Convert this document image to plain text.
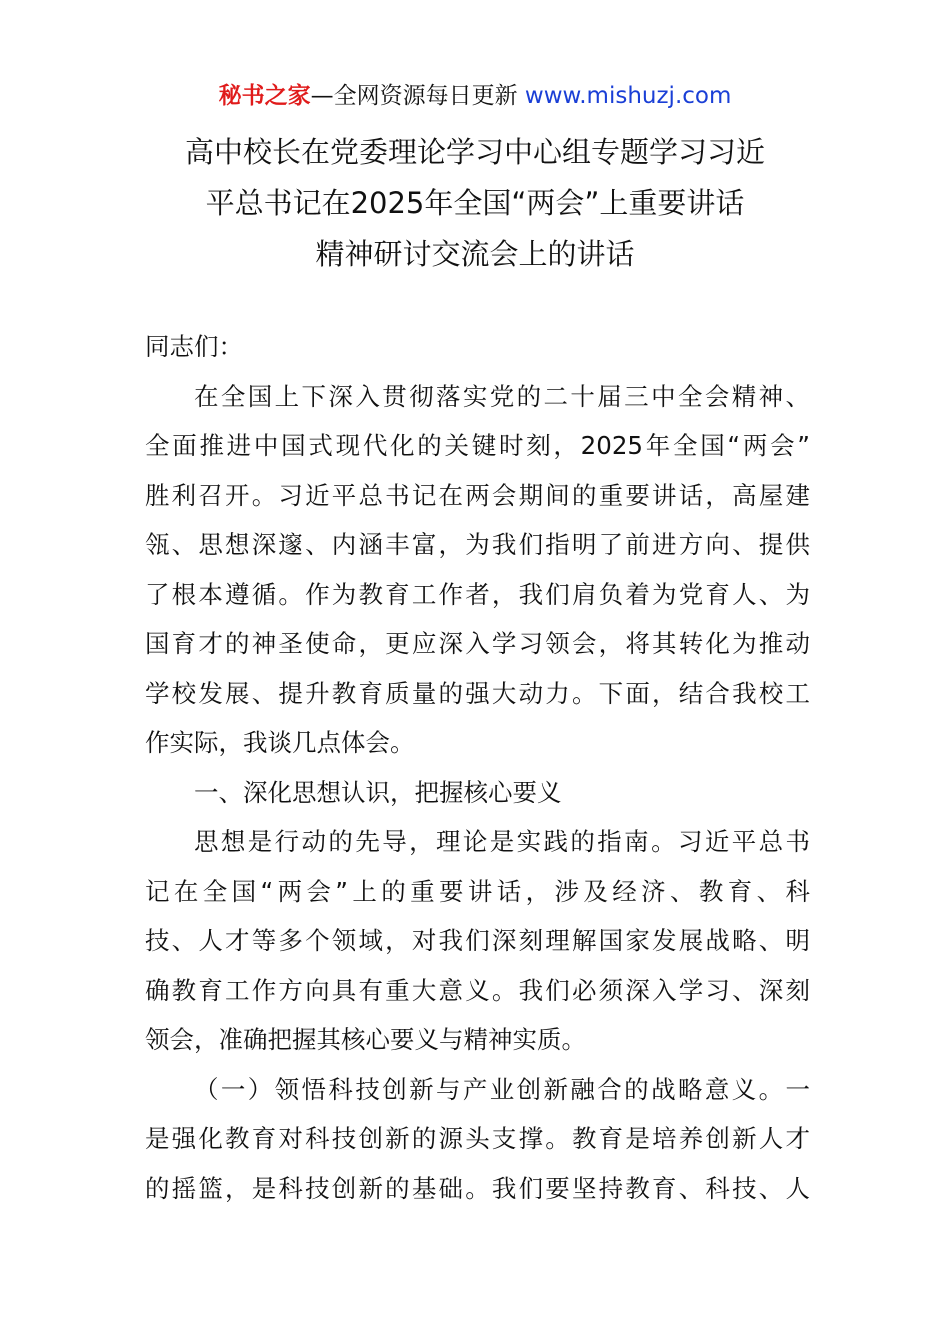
秘书之家—全网资源每日更新 www.mishuzj.com
高中校长在党委理论学习中心组专题学习习近
平总书记在2025年全国“两会”上重要讲话
精神研讨交流会上的讲话

同志们：

在全国上下深入贯彻落实党的二十届三中全会精神、
全面推进中国式现代化的关键时刻，2025年全国“两会”
胜利召开。习近平总书记在两会期间的重要讲话，高屋建
瓴、思想深邃、内涵丰富，为我们指明了前进方向、提供
了根本遵循。作为教育工作者，我们肩负着为党育人、为
国育才的神圣使命，更应深入学习领会，将其转化为推动
学校发展、提升教育质量的强大动力。下面，结合我校工
作实际，我谈几点体会。

一、深化思想认识，把握核心要义

思想是行动的先导，理论是实践的指南。习近平总书
记在全国“两会”上的重要讲话，涉及经济、教育、科
技、人才等多个领域，对我们深刻理解国家发展战略、明
确教育工作方向具有重大意义。我们必须深入学习、深刻
领会，准确把握其核心要义与精神实质。

（一）领悟科技创新与产业创新融合的战略意义。一
是强化教育对科技创新的源头支撑。教育是培养创新人才
的摇篮，是科技创新的基础。我们要坚持教育、科技、人
